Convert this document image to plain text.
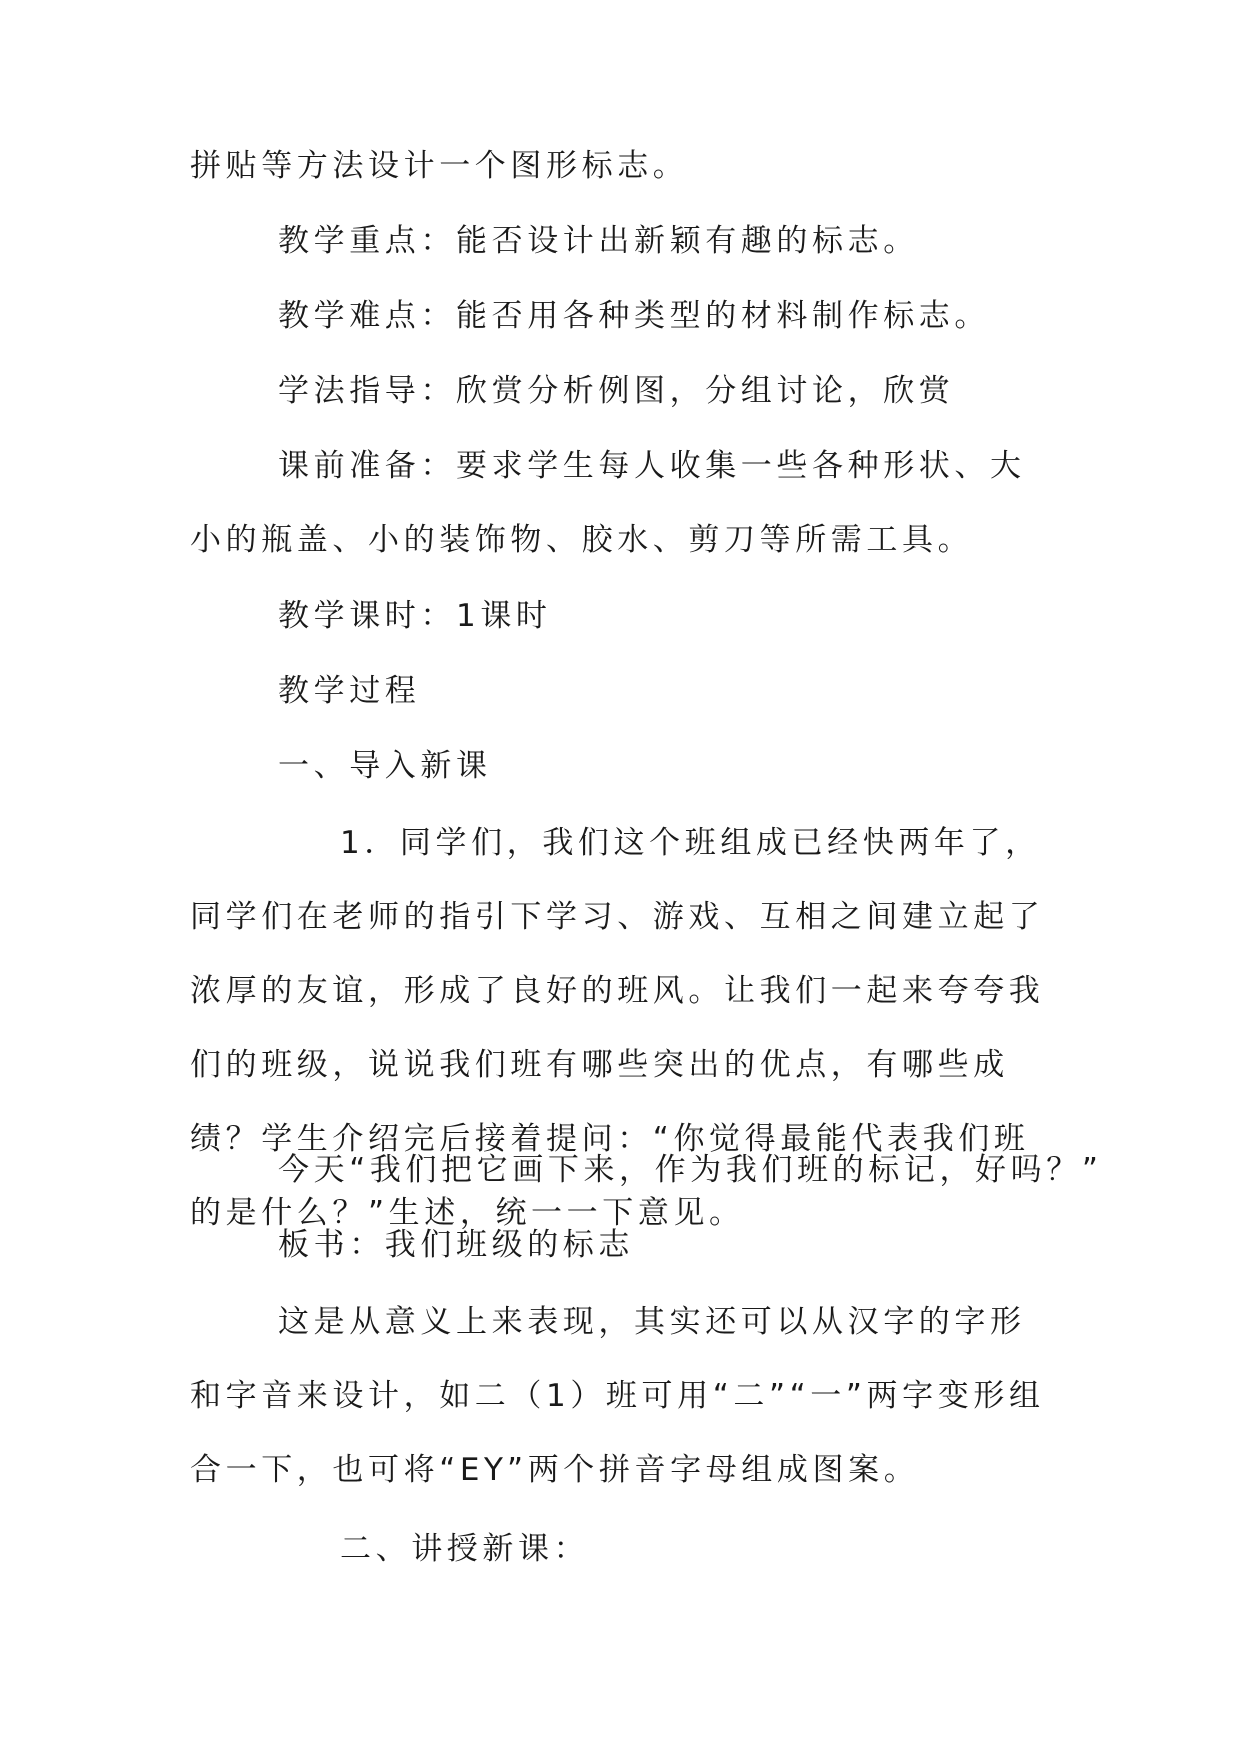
拼贴等方法设计一个图形标志。

教学重点：能否设计出新颖有趣的标志。

教学难点：能否用各种类型的材料制作标志。

学法指导：欣赏分析例图，分组讨论，欣赏

课前准备：要求学生每人收集一些各种形状、大小的瓶盖、小的装饰物、胶水、剪刀等所需工具。

教学课时：1课时

教学过程

一、导入新课

1．同学们，我们这个班组成已经快两年了，同学们在老师的指引下学习、游戏、互相之间建立起了浓厚的友谊，形成了良好的班风。让我们一起来夸夸我们的班级，说说我们班有哪些突出的优点，有哪些成绩？学生介绍完后接着提问：“你觉得最能代表我们班的是什么？”生述，统一一下意见。

今天“我们把它画下来，作为我们班的标记，好吗？”

板书：我们班级的标志

这是从意义上来表现，其实还可以从汉字的字形和字音来设计，如二（1）班可用“二”“一”两字变形组合一下，也可将“EY”两个拼音字母组成图案。

二、讲授新课：
